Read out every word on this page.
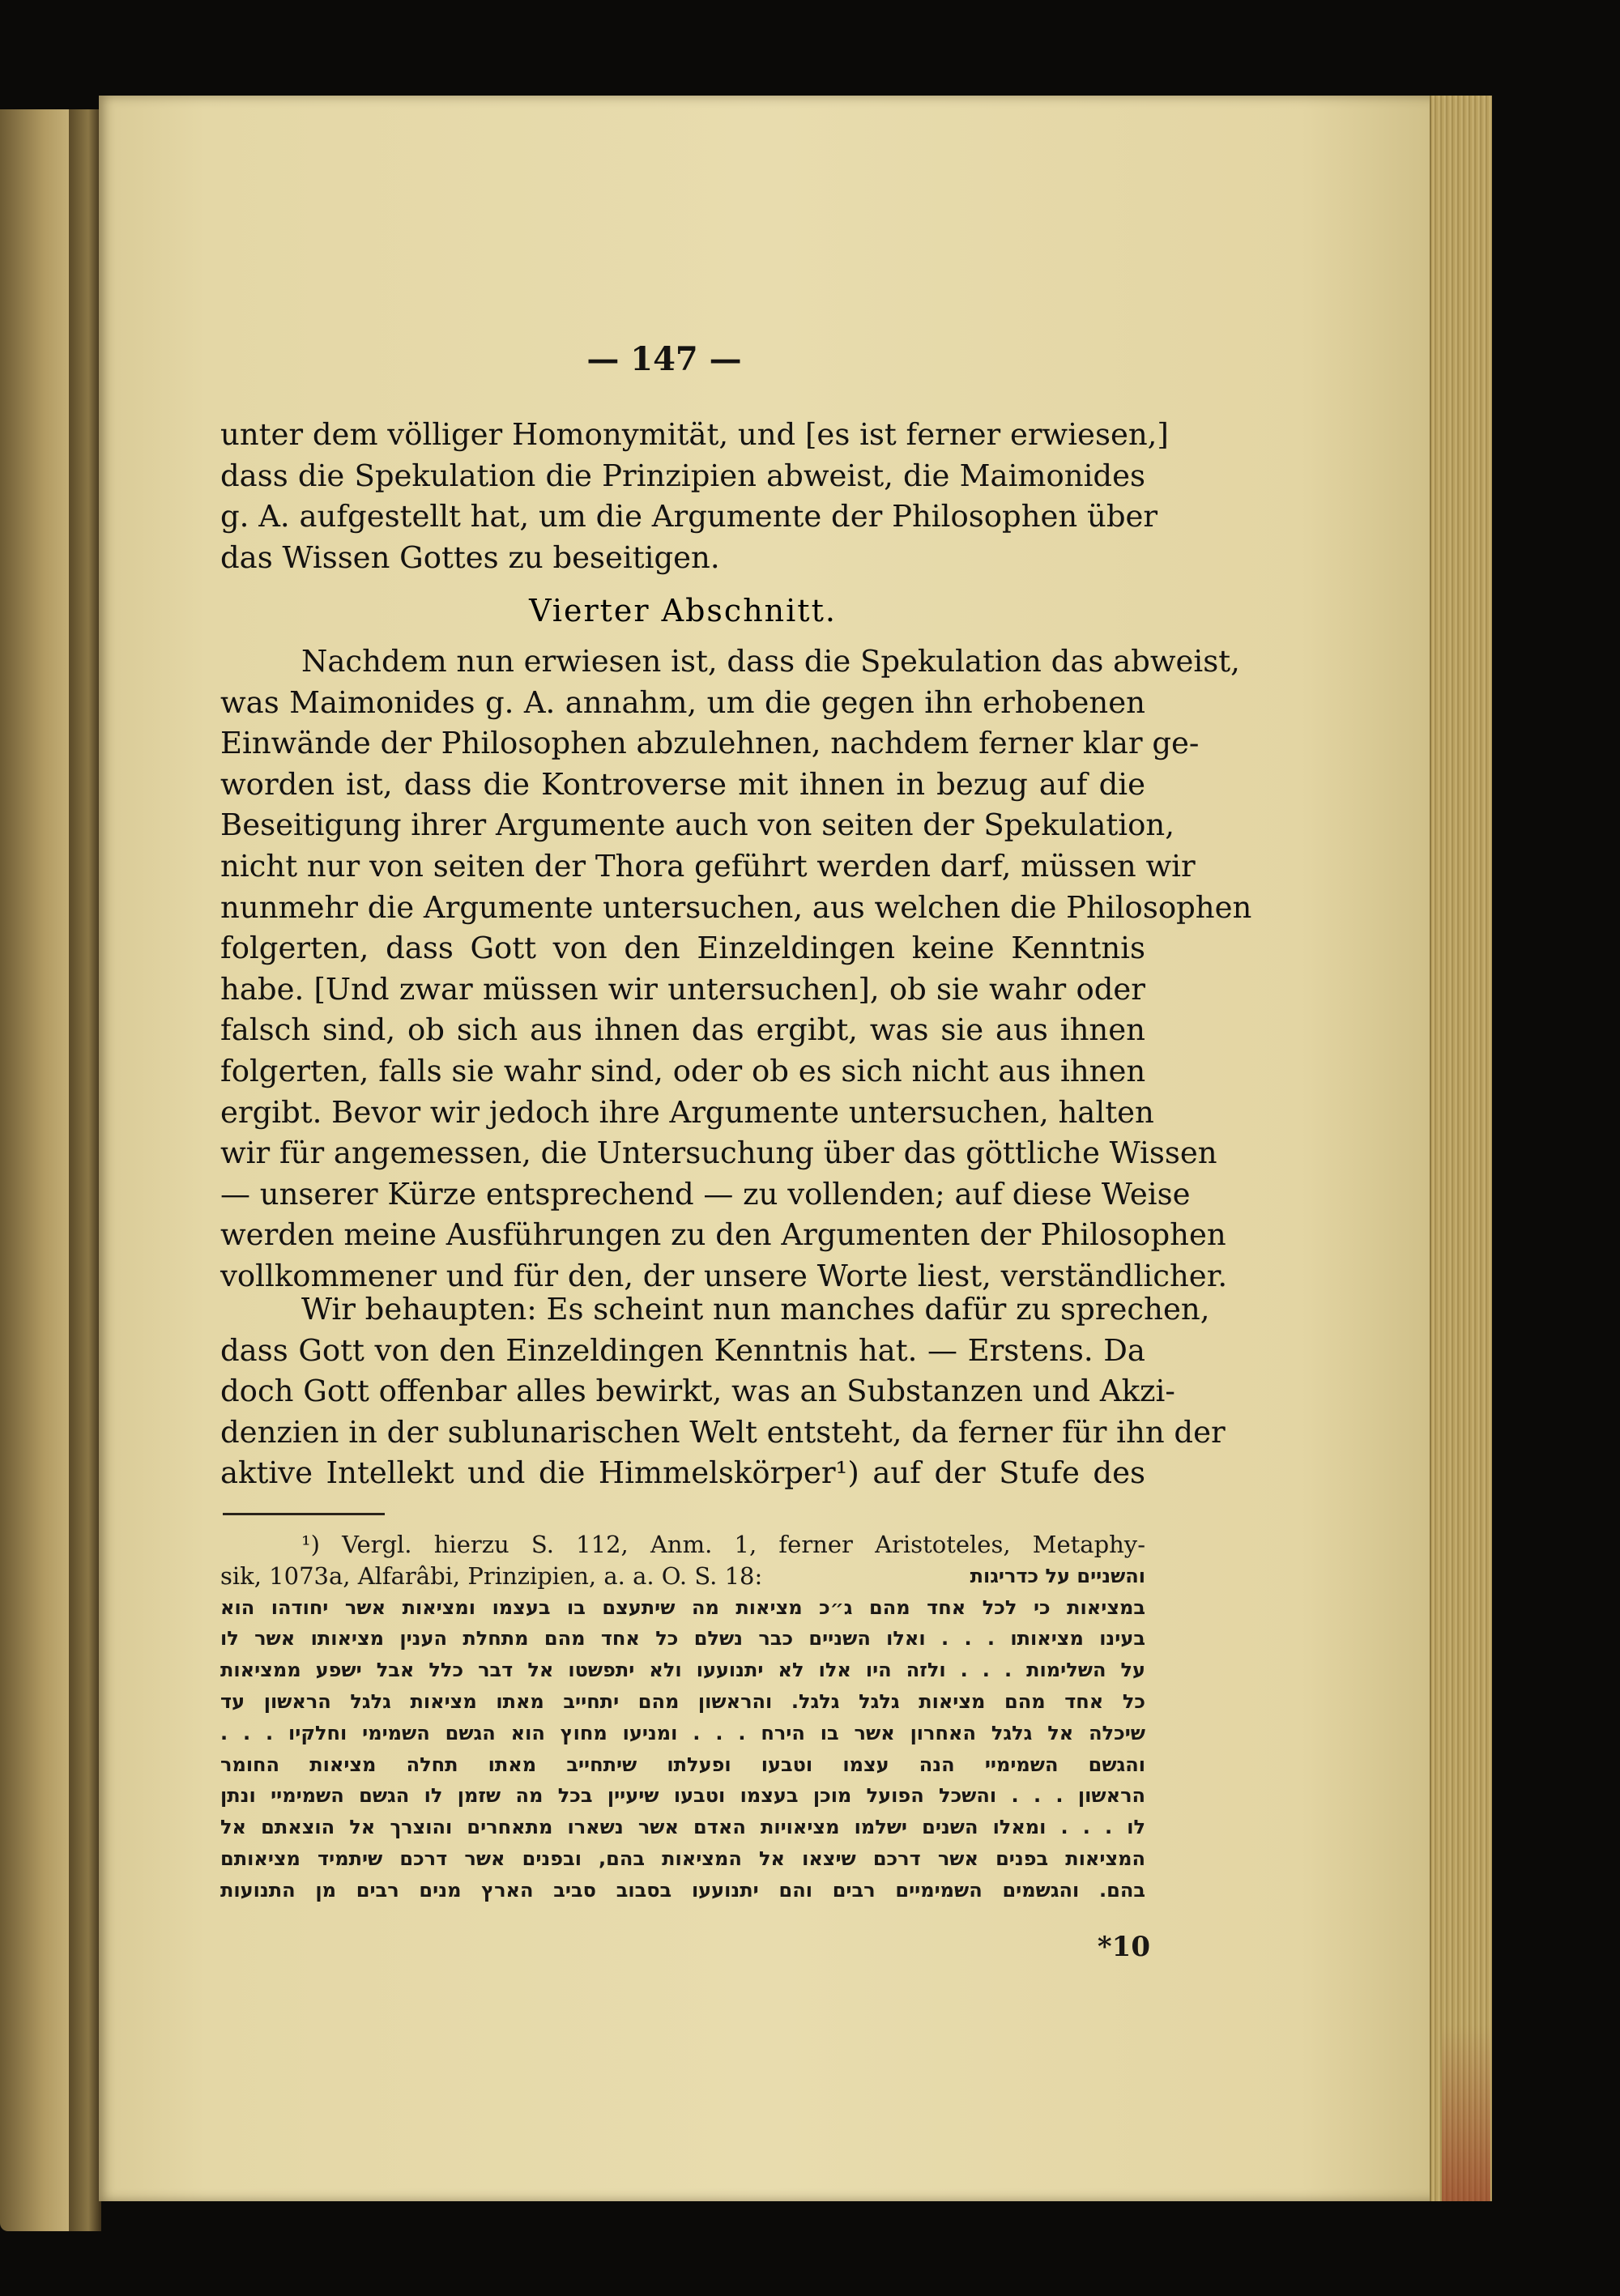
— 147 —
unter dem völliger Homonymität, und [es ist ferner erwiesen,]
dass die Spekulation die Prinzipien abweist, die Maimonides
g. A. aufgestellt hat, um die Argumente der Philosophen über
das Wissen Gottes zu beseitigen.
Vierter Abschnitt.
Nachdem nun erwiesen ist, dass die Spekulation das abweist,
was Maimonides g. A. annahm, um die gegen ihn erhobenen
Einwände der Philosophen abzulehnen, nachdem ferner klar ge-
worden ist, dass die Kontroverse mit ihnen in bezug auf die
Beseitigung ihrer Argumente auch von seiten der Spekulation,
nicht nur von seiten der Thora geführt werden darf, müssen wir
nunmehr die Argumente untersuchen, aus welchen die Philosophen
folgerten, dass Gott von den Einzeldingen keine Kenntnis
habe. [Und zwar müssen wir untersuchen], ob sie wahr oder
falsch sind, ob sich aus ihnen das ergibt, was sie aus ihnen
folgerten, falls sie wahr sind, oder ob es sich nicht aus ihnen
ergibt. Bevor wir jedoch ihre Argumente untersuchen, halten
wir für angemessen, die Untersuchung über das göttliche Wissen
— unserer Kürze entsprechend — zu vollenden; auf diese Weise
werden meine Ausführungen zu den Argumenten der Philosophen
vollkommener und für den, der unsere Worte liest, verständlicher.
Wir behaupten: Es scheint nun manches dafür zu sprechen,
dass Gott von den Einzeldingen Kenntnis hat. — Erstens. Da
doch Gott offenbar alles bewirkt, was an Substanzen und Akzi-
denzien in der sublunarischen Welt entsteht, da ferner für ihn der
aktive Intellekt und die Himmelskörper¹) auf der Stufe des
¹) Vergl. hierzu S. 112, Anm. 1, ferner Aristoteles, Metaphy-
sik, 1073a, Alfarâbi, Prinzipien, a. a. O. S. 18:	והשניים על כדריגות
במציאות כי לכל אחד מהם ג״כ מציאות מה שיתעצם בו בעצמו ומציאות אשר יחודהו הוא
בעינו מציאותו . . . ואלו השניים כבר נשלם כל אחד מהם מתחלת הענין מציאותו אשר לו
על השלימות . . . ולזה היו אלו לא יתנועעו ולא יתפשטו אל דבר כלל אבל ישפע ממציאות
כל אחד מהם מציאות גלגל גלגל. והראשון מהם יתחייב מאתו מציאות גלגל הראשון עד
שיכלה אל גלגל האחרון אשר בו הירח . . . ומניעו מחוץ הוא הגשם השמימי וחלקיו . . .
והגשם השמימיי הנה עצמו וטבעו ופעלתו שיתחייב מאתו תחלה מציאות החומר
הראשון . . . והשכל הפועל מוכן בעצמו וטבעו שיעיין בכל מה שזמן לו הגשם השמימיי ונתן
לו . . . ומאלו השנים ישלמו מציאויות האדם אשר נשארו מתאחרים והוצרך אל הוצאתם אל
המציאות בפנים אשר דרכם שיצאו אל המציאות בהם, ובפנים אשר דרכם שיתמיד מציאותם
בהם. והגשמים השמימיים רבים והם יתנועעו בסבוב סביב הארץ מנים רבים מן התנועות
*10
